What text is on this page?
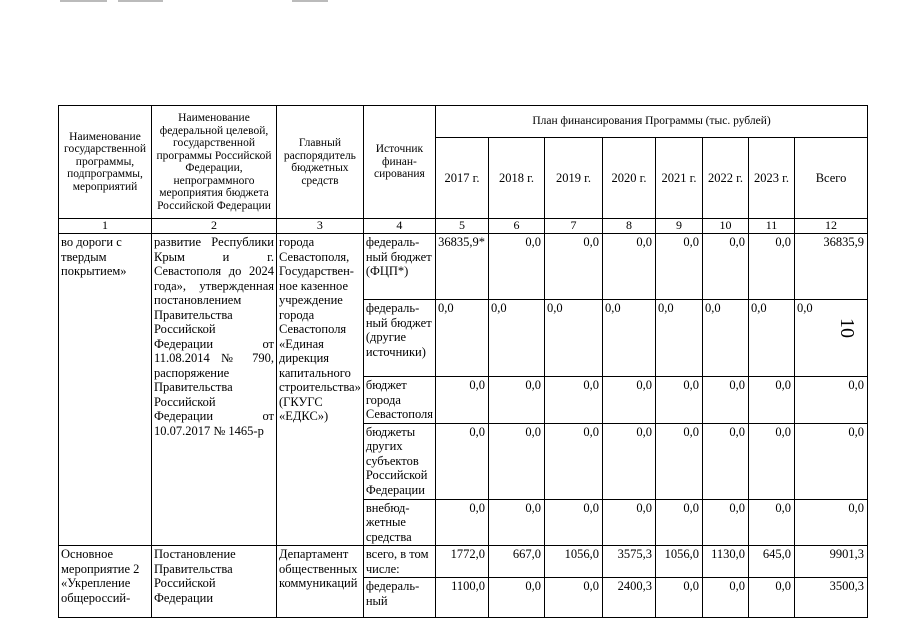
10
Наименование государственной программы, подпрограммы, мероприятий	Наименование федеральной целевой, государственной программы Российской Федерации, непрограммного мероприятия бюджета Российской Федерации	Главный распорядитель бюджетных средств	Источник финан-сирования	План финансирования Программы (тыс. рублей)							
				2017 г.	2018 г.	2019 г.	2020 г.	2021 г.	2022 г.	2023 г.	Всего
1	2	3	4	5	6	7	8	9	10	11	12
во дороги с твердым покрытием»	развитие Республики Крым и г. Севастополя до 2024 года», утвержденная постановлением Правительства Российской Федерации от 11.08.2014 № 790, распоряжение Правительства Российской Федерации от 10.07.2017 № 1465-р	города Севастополя, Государствен-ное казенное учреждение города Севастополя «Единая дирекция капитального строительства» (ГКУГС «ЕДКС»)	федераль-ный бюджет (ФЦП*)	36835,9*	0,0	0,0	0,0	0,0	0,0	0,0	36835,9
			федераль-ный бюджет (другие источники)	0,0	0,0	0,0	0,0	0,0	0,0	0,0	0,0
			бюджет города Севастополя	0,0	0,0	0,0	0,0	0,0	0,0	0,0	0,0
			бюджеты других субъектов Российской Федерации	0,0	0,0	0,0	0,0	0,0	0,0	0,0	0,0
			внебюд-жетные средства	0,0	0,0	0,0	0,0	0,0	0,0	0,0	0,0
Основное мероприятие 2 «Укрепление общероссий-	Постановление Правительства Российской Федерации	Департамент общественных коммуникаций	всего, в том числе:	1772,0	667,0	1056,0	3575,3	1056,0	1130,0	645,0	9901,3
			федераль-ный	1100,0	0,0	0,0	2400,3	0,0	0,0	0,0	3500,3
